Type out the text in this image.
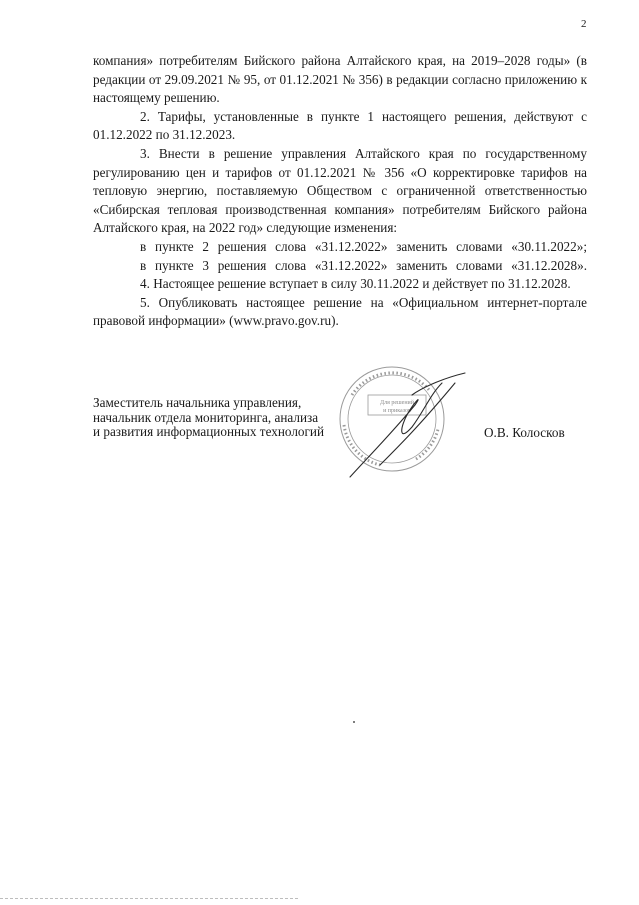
2

компания» потребителям Бийского района Алтайского края, на 2019–2028 годы» (в редакции от 29.09.2021 № 95, от 01.12.2021 № 356) в редакции согласно приложению к настоящему решению.

2. Тарифы, установленные в пункте 1 настоящего решения, действуют с 01.12.2022 по 31.12.2023.

3. Внести в решение управления Алтайского края по государственному регулированию цен и тарифов от 01.12.2021 № 356 «О корректировке тарифов на тепловую энергию, поставляемую Обществом с ограниченной ответственностью «Сибирская тепловая производственная компания» потребителям Бийского района Алтайского края, на 2022 год» следующие изменения:

в пункте 2 решения слова «31.12.2022» заменить словами «30.11.2022»;

в пункте 3 решения слова «31.12.2022» заменить словами «31.12.2028».

4. Настоящее решение вступает в силу 30.11.2022 и действует по 31.12.2028.

5. Опубликовать настоящее решение на «Официальном интернет-портале правовой информации» (www.pravo.gov.ru).

Заместитель начальника управления,
начальник отдела мониторинга, анализа
и развития информационных технологий	О.В. Колосков
Для решений
и приказов
